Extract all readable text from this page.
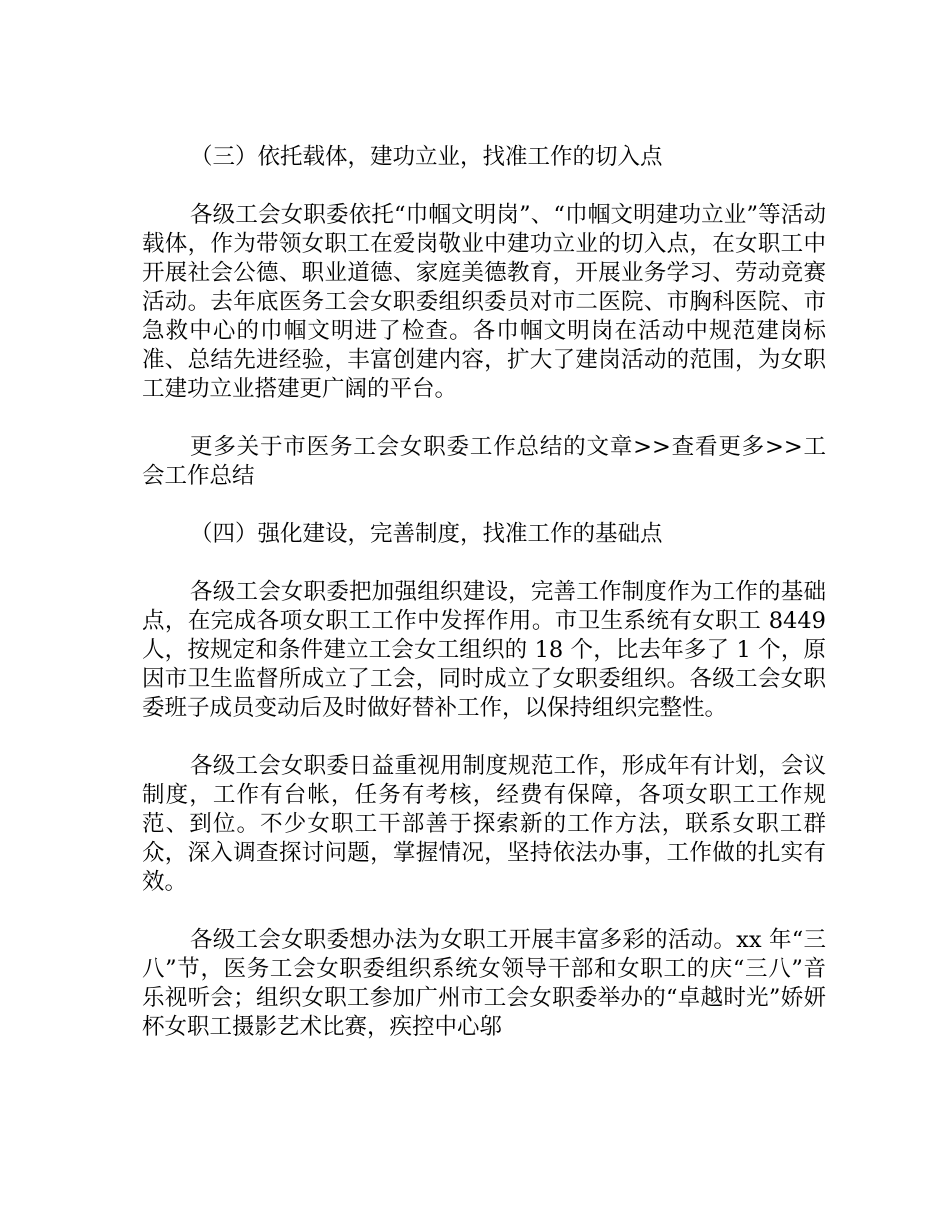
（三）依托载体，建功立业，找准工作的切入点

各级工会女职委依托“巾帼文明岗”、“巾帼文明建功立业”等活动载体，作为带领女职工在爱岗敬业中建功立业的切入点，在女职工中开展社会公德、职业道德、家庭美德教育，开展业务学习、劳动竞赛活动。去年底医务工会女职委组织委员对市二医院、市胸科医院、市急救中心的巾帼文明进了检查。各巾帼文明岗在活动中规范建岗标准、总结先进经验，丰富创建内容，扩大了建岗活动的范围，为女职工建功立业搭建更广阔的平台。

更多关于市医务工会女职委工作总结的文章>>查看更多>>工会工作总结

（四）强化建设，完善制度，找准工作的基础点

各级工会女职委把加强组织建设，完善工作制度作为工作的基础点，在完成各项女职工工作中发挥作用。市卫生系统有女职工 8449 人，按规定和条件建立工会女工组织的 18 个，比去年多了 1 个，原因市卫生监督所成立了工会，同时成立了女职委组织。各级工会女职委班子成员变动后及时做好替补工作，以保持组织完整性。

各级工会女职委日益重视用制度规范工作，形成年有计划，会议制度，工作有台帐，任务有考核，经费有保障，各项女职工工作规范、到位。不少女职工干部善于探索新的工作方法，联系女职工群众，深入调查探讨问题，掌握情况，坚持依法办事，工作做的扎实有效。

各级工会女职委想办法为女职工开展丰富多彩的活动。xx 年“三八”节，医务工会女职委组织系统女领导干部和女职工的庆“三八”音乐视听会；组织女职工参加广州市工会女职委举办的“卓越时光”娇妍杯女职工摄影艺术比赛，疾控中心邬
